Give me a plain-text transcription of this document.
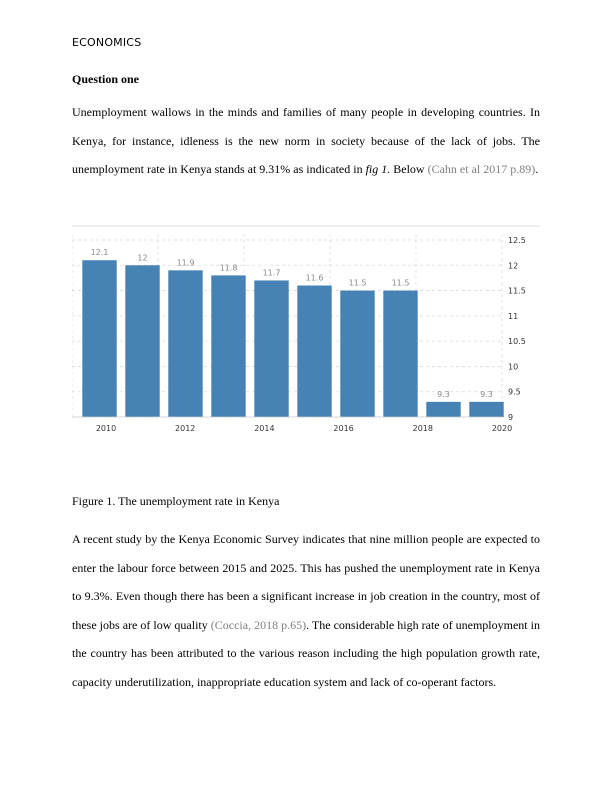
ECONOMICS
Question one
Unemployment wallows in the minds and families of many people in developing countries. In Kenya, for instance, idleness is the new norm in society because of the lack of jobs. The unemployment rate in Kenya stands at 9.31% as indicated in fig 1. Below (Cahn et al 2017 p.89).
12.1
12
11.9
11.8
11.7
11.6
11.5	11.5
9.3	9.3
2010	2012	2014	2016	2018	2020
12.5
12
11.5
11
10.5
10
9.5
9
Figure 1. The unemployment rate in Kenya
A recent study by the Kenya Economic Survey indicates that nine million people are expected to enter the labour force between 2015 and 2025. This has pushed the unemployment rate in Kenya to 9.3%. Even though there has been a significant increase in job creation in the country, most of these jobs are of low quality (Coccia, 2018 p.65). The considerable high rate of unemployment in the country has been attributed to the various reason including the high population growth rate, capacity underutilization, inappropriate education system and lack of co-operant factors.
